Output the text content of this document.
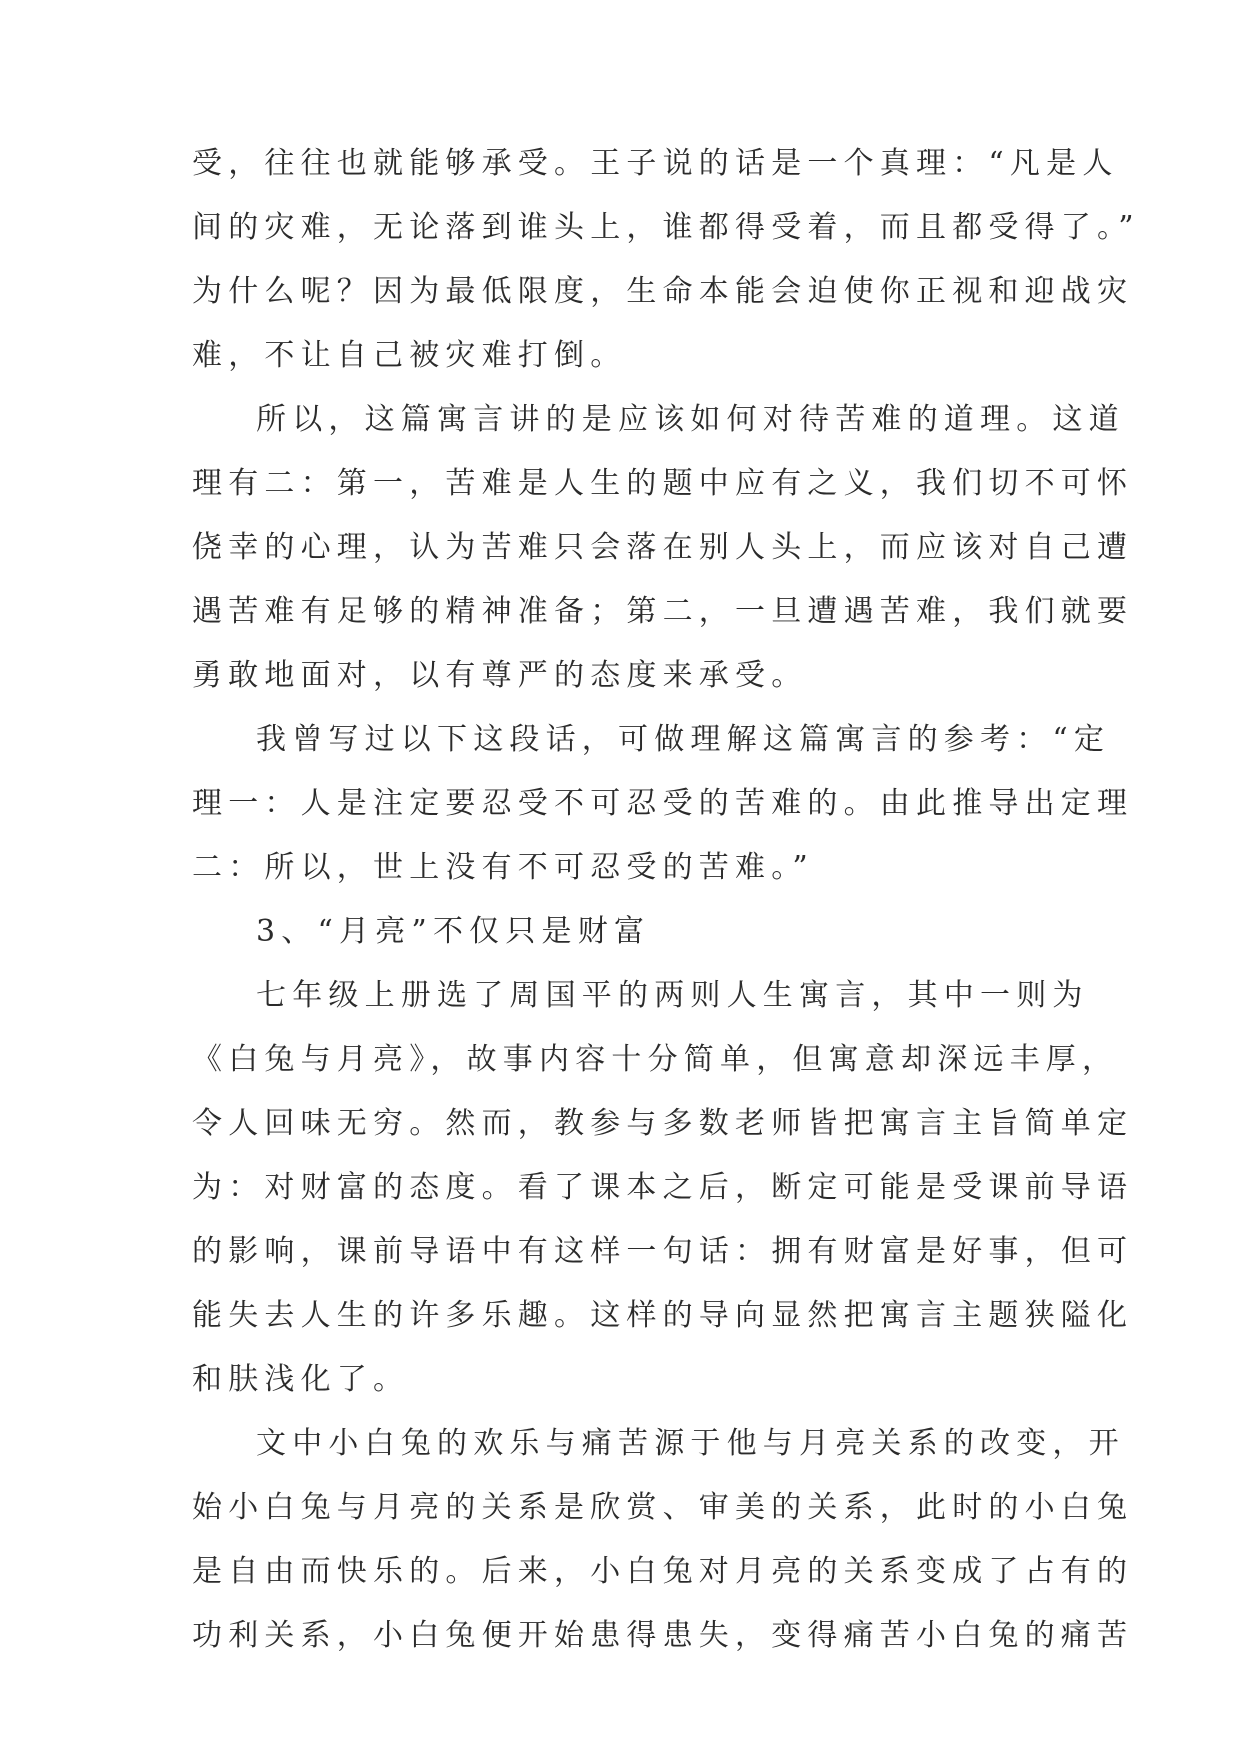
受，往往也就能够承受。王子说的话是一个真理：“凡是人
间的灾难，无论落到谁头上，谁都得受着，而且都受得了。”
为什么呢？因为最低限度，生命本能会迫使你正视和迎战灾
难，不让自己被灾难打倒。
所以，这篇寓言讲的是应该如何对待苦难的道理。这道
理有二：第一，苦难是人生的题中应有之义，我们切不可怀
侥幸的心理，认为苦难只会落在别人头上，而应该对自己遭
遇苦难有足够的精神准备；第二，一旦遭遇苦难，我们就要
勇敢地面对，以有尊严的态度来承受。
我曾写过以下这段话，可做理解这篇寓言的参考：“定
理一：人是注定要忍受不可忍受的苦难的。由此推导出定理
二：所以，世上没有不可忍受的苦难。”
3、“月亮”不仅只是财富
七年级上册选了周国平的两则人生寓言，其中一则为
《白兔与月亮》，故事内容十分简单，但寓意却深远丰厚，
令人回味无穷。然而，教参与多数老师皆把寓言主旨简单定
为：对财富的态度。看了课本之后，断定可能是受课前导语
的影响，课前导语中有这样一句话：拥有财富是好事，但可
能失去人生的许多乐趣。这样的导向显然把寓言主题狭隘化
和肤浅化了。
文中小白兔的欢乐与痛苦源于他与月亮关系的改变，开
始小白兔与月亮的关系是欣赏、审美的关系，此时的小白兔
是自由而快乐的。后来，小白兔对月亮的关系变成了占有的
功利关系，小白兔便开始患得患失，变得痛苦小白兔的痛苦
